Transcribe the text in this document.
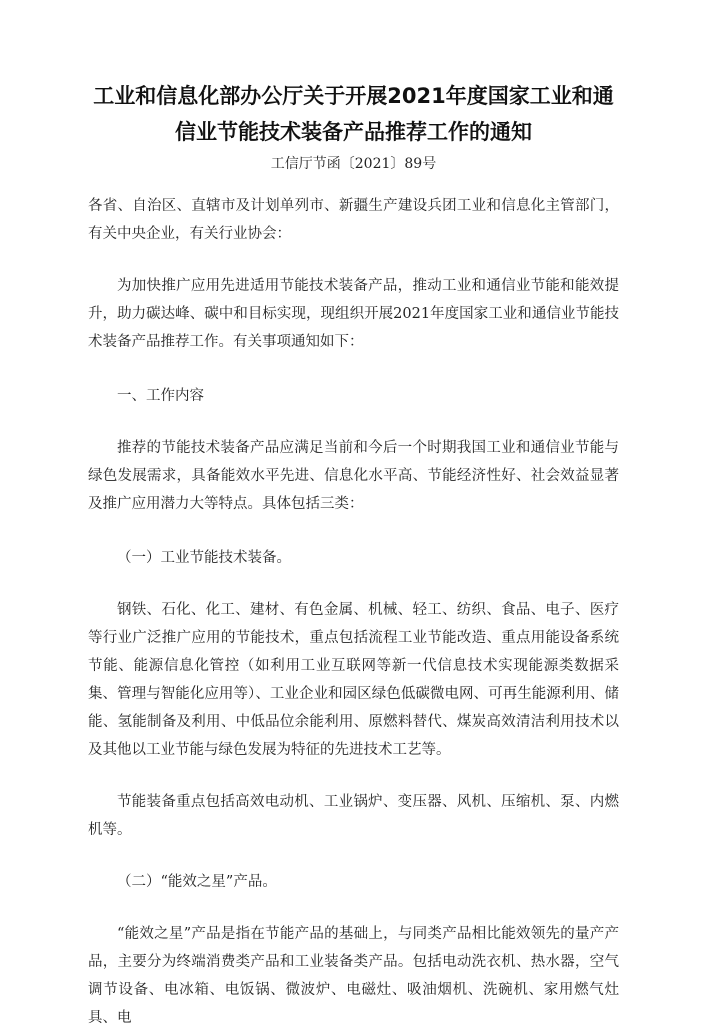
工业和信息化部办公厅关于开展2021年度国家工业和通
信业节能技术装备产品推荐工作的通知

工信厅节函〔2021〕89号

各省、自治区、直辖市及计划单列市、新疆生产建设兵团工业和信息化主管部门，有关中央企业，有关行业协会：

为加快推广应用先进适用节能技术装备产品，推动工业和通信业节能和能效提升，助力碳达峰、碳中和目标实现，现组织开展2021年度国家工业和通信业节能技术装备产品推荐工作。有关事项通知如下：

一、工作内容

推荐的节能技术装备产品应满足当前和今后一个时期我国工业和通信业节能与绿色发展需求，具备能效水平先进、信息化水平高、节能经济性好、社会效益显著及推广应用潜力大等特点。具体包括三类：

（一）工业节能技术装备。

钢铁、石化、化工、建材、有色金属、机械、轻工、纺织、食品、电子、医疗等行业广泛推广应用的节能技术，重点包括流程工业节能改造、重点用能设备系统节能、能源信息化管控（如利用工业互联网等新一代信息技术实现能源类数据采集、管理与智能化应用等）、工业企业和园区绿色低碳微电网、可再生能源利用、储能、氢能制备及利用、中低品位余能利用、原燃料替代、煤炭高效清洁利用技术以及其他以工业节能与绿色发展为特征的先进技术工艺等。

节能装备重点包括高效电动机、工业锅炉、变压器、风机、压缩机、泵、内燃机等。

（二）“能效之星”产品。

“能效之星”产品是指在节能产品的基础上，与同类产品相比能效领先的量产产品，主要分为终端消费类产品和工业装备类产品。包括电动洗衣机、热水器，空气调节设备、电冰箱、电饭锅、微波炉、电磁灶、吸油烟机、洗碗机、家用燃气灶具、电
